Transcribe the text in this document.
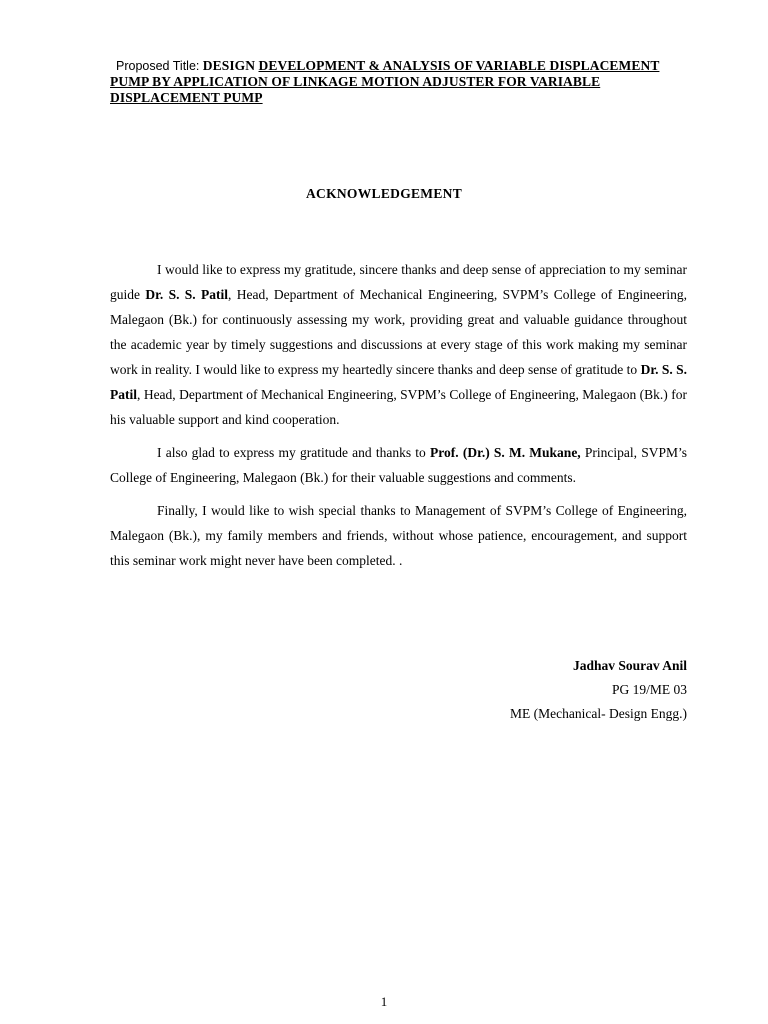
Proposed Title: DESIGN DEVELOPMENT & ANALYSIS OF VARIABLE DISPLACEMENT PUMP BY APPLICATION OF LINKAGE MOTION ADJUSTER FOR VARIABLE DISPLACEMENT PUMP
ACKNOWLEDGEMENT

I would like to express my gratitude, sincere thanks and deep sense of appreciation to my seminar guide Dr. S. S. Patil, Head, Department of Mechanical Engineering, SVPM’s College of Engineering, Malegaon (Bk.) for continuously assessing my work, providing great and valuable guidance throughout the academic year by timely suggestions and discussions at every stage of this work making my seminar work in reality. I would like to express my heartedly sincere thanks and deep sense of gratitude to Dr. S. S. Patil, Head, Department of Mechanical Engineering, SVPM’s College of Engineering, Malegaon (Bk.) for his valuable support and kind cooperation.

I also glad to express my gratitude and thanks to Prof. (Dr.) S. M. Mukane, Principal, SVPM’s College of Engineering, Malegaon (Bk.) for their valuable suggestions and comments.

Finally, I would like to wish special thanks to Management of SVPM’s College of Engineering, Malegaon (Bk.), my family members and friends, without whose patience, encouragement, and support this seminar work might never have been completed. .

Jadhav Sourav Anil
PG 19/ME 03
ME (Mechanical- Design Engg.)
1
